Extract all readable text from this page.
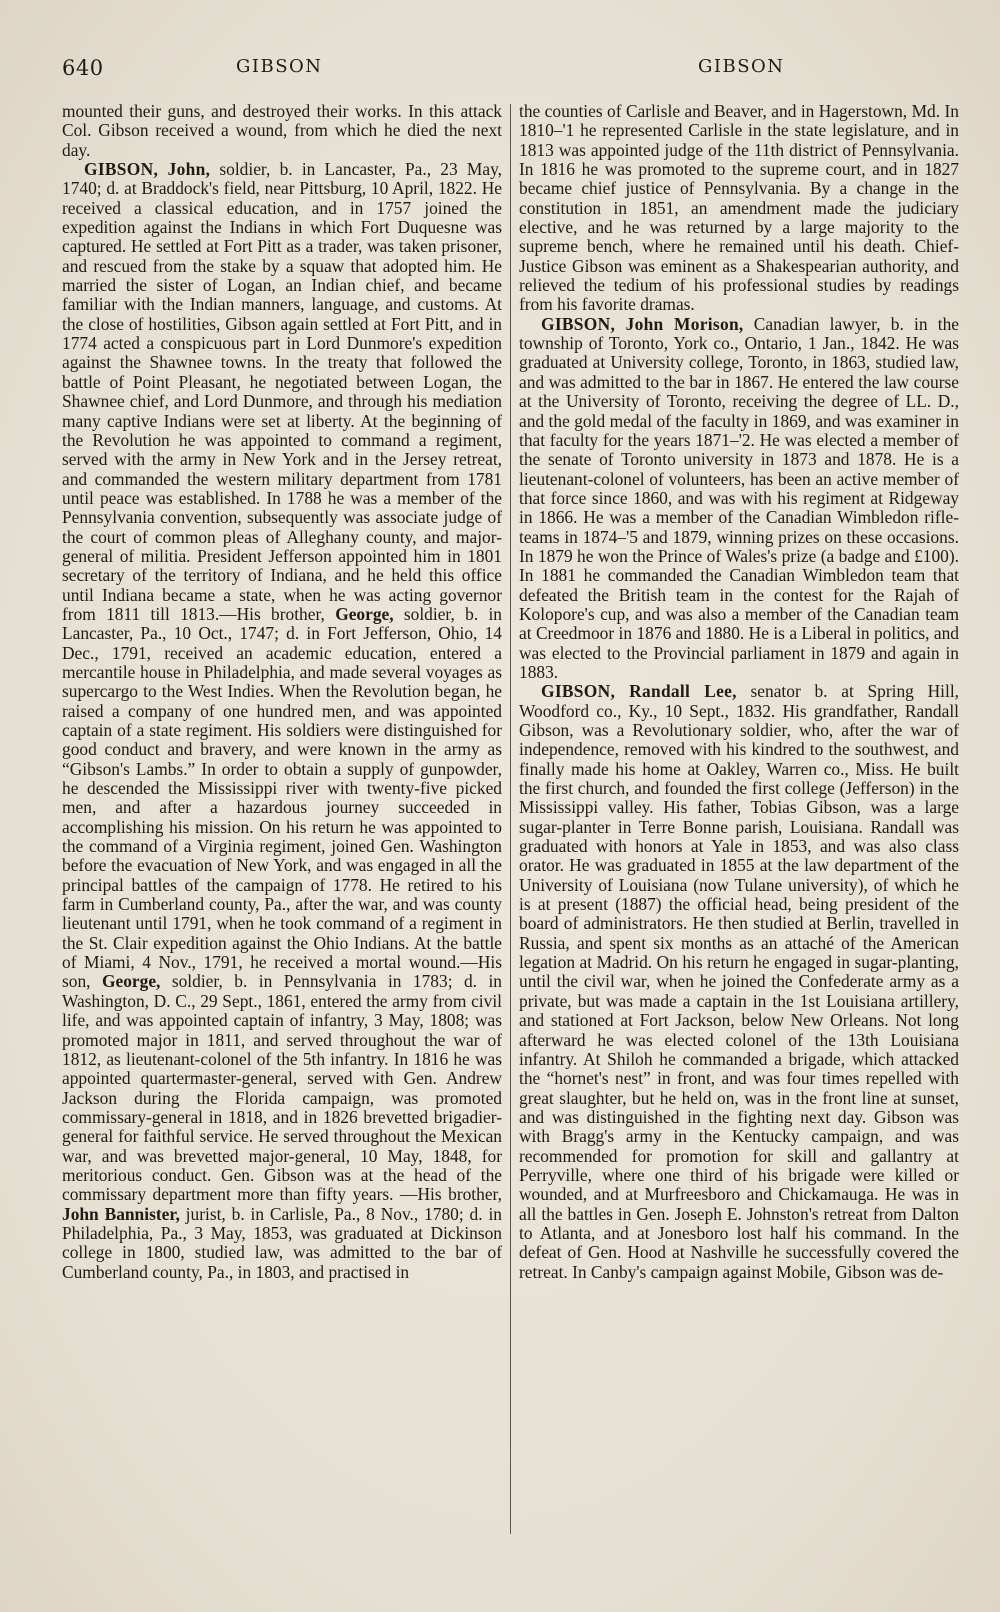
640	GIBSON	GIBSON

mounted their guns, and destroyed their works. In this attack Col. Gibson received a wound, from which he died the next day.

GIBSON, John, soldier, b. in Lancaster, Pa., 23 May, 1740; d. at Braddock's field, near Pittsburg, 10 April, 1822. He received a classical education, and in 1757 joined the expedition against the Indians in which Fort Duquesne was captured. He settled at Fort Pitt as a trader, was taken prisoner, and rescued from the stake by a squaw that adopted him. He married the sister of Logan, an Indian chief, and became familiar with the Indian manners, language, and customs. At the close of hostilities, Gibson again settled at Fort Pitt, and in 1774 acted a conspicuous part in Lord Dunmore's expedition against the Shawnee towns. In the treaty that followed the battle of Point Pleasant, he negotiated between Logan, the Shawnee chief, and Lord Dunmore, and through his mediation many captive Indians were set at liberty. At the beginning of the Revolution he was appointed to command a regiment, served with the army in New York and in the Jersey retreat, and commanded the western military department from 1781 until peace was established. In 1788 he was a member of the Pennsylvania convention, subsequently was associate judge of the court of common pleas of Alleghany county, and major-general of militia. President Jefferson appointed him in 1801 secretary of the territory of Indiana, and he held this office until Indiana became a state, when he was acting governor from 1811 till 1813.—His brother, George, soldier, b. in Lancaster, Pa., 10 Oct., 1747; d. in Fort Jefferson, Ohio, 14 Dec., 1791, received an academic education, entered a mercantile house in Philadelphia, and made several voyages as supercargo to the West Indies. When the Revolution began, he raised a company of one hundred men, and was appointed captain of a state regiment. His soldiers were distinguished for good conduct and bravery, and were known in the army as “Gibson's Lambs.” In order to obtain a supply of gunpowder, he descended the Mississippi river with twenty-five picked men, and after a hazardous journey succeeded in accomplishing his mission. On his return he was appointed to the command of a Virginia regiment, joined Gen. Washington before the evacuation of New York, and was engaged in all the principal battles of the campaign of 1778. He retired to his farm in Cumberland county, Pa., after the war, and was county lieutenant until 1791, when he took command of a regiment in the St. Clair expedition against the Ohio Indians. At the battle of Miami, 4 Nov., 1791, he received a mortal wound.—His son, George, soldier, b. in Pennsylvania in 1783; d. in Washington, D. C., 29 Sept., 1861, entered the army from civil life, and was appointed captain of infantry, 3 May, 1808; was promoted major in 1811, and served throughout the war of 1812, as lieutenant-colonel of the 5th infantry. In 1816 he was appointed quartermaster-general, served with Gen. Andrew Jackson during the Florida campaign, was promoted commissary-general in 1818, and in 1826 brevetted brigadier-general for faithful service. He served throughout the Mexican war, and was brevetted major-general, 10 May, 1848, for meritorious conduct. Gen. Gibson was at the head of the commissary department more than fifty years. —His brother, John Bannister, jurist, b. in Carlisle, Pa., 8 Nov., 1780; d. in Philadelphia, Pa., 3 May, 1853, was graduated at Dickinson college in 1800, studied law, was admitted to the bar of Cumberland county, Pa., in 1803, and practised in

the counties of Carlisle and Beaver, and in Hagerstown, Md. In 1810–'1 he represented Carlisle in the state legislature, and in 1813 was appointed judge of the 11th district of Pennsylvania. In 1816 he was promoted to the supreme court, and in 1827 became chief justice of Pennsylvania. By a change in the constitution in 1851, an amendment made the judiciary elective, and he was returned by a large majority to the supreme bench, where he remained until his death. Chief-Justice Gibson was eminent as a Shakespearian authority, and relieved the tedium of his professional studies by readings from his favorite dramas.

GIBSON, John Morison, Canadian lawyer, b. in the township of Toronto, York co., Ontario, 1 Jan., 1842. He was graduated at University college, Toronto, in 1863, studied law, and was admitted to the bar in 1867. He entered the law course at the University of Toronto, receiving the degree of LL. D., and the gold medal of the faculty in 1869, and was examiner in that faculty for the years 1871–'2. He was elected a member of the senate of Toronto university in 1873 and 1878. He is a lieutenant-colonel of volunteers, has been an active member of that force since 1860, and was with his regiment at Ridgeway in 1866. He was a member of the Canadian Wimbledon rifle-teams in 1874–'5 and 1879, winning prizes on these occasions. In 1879 he won the Prince of Wales's prize (a badge and £100). In 1881 he commanded the Canadian Wimbledon team that defeated the British team in the contest for the Rajah of Kolopore's cup, and was also a member of the Canadian team at Creedmoor in 1876 and 1880. He is a Liberal in politics, and was elected to the Provincial parliament in 1879 and again in 1883.

GIBSON, Randall Lee, senator b. at Spring Hill, Woodford co., Ky., 10 Sept., 1832. His grandfather, Randall Gibson, was a Revolutionary soldier, who, after the war of independence, removed with his kindred to the southwest, and finally made his home at Oakley, Warren co., Miss. He built the first church, and founded the first college (Jefferson) in the Mississippi valley. His father, Tobias Gibson, was a large sugar-planter in Terre Bonne parish, Louisiana. Randall was graduated with honors at Yale in 1853, and was also class orator. He was graduated in 1855 at the law department of the University of Louisiana (now Tulane university), of which he is at present (1887) the official head, being president of the board of administrators. He then studied at Berlin, travelled in Russia, and spent six months as an attaché of the American legation at Madrid. On his return he engaged in sugar-planting, until the civil war, when he joined the Confederate army as a private, but was made a captain in the 1st Louisiana artillery, and stationed at Fort Jackson, below New Orleans. Not long afterward he was elected colonel of the 13th Louisiana infantry. At Shiloh he commanded a brigade, which attacked the “hornet's nest” in front, and was four times repelled with great slaughter, but he held on, was in the front line at sunset, and was distinguished in the fighting next day. Gibson was with Bragg's army in the Kentucky campaign, and was recommended for promotion for skill and gallantry at Perryville, where one third of his brigade were killed or wounded, and at Murfreesboro and Chickamauga. He was in all the battles in Gen. Joseph E. Johnston's retreat from Dalton to Atlanta, and at Jonesboro lost half his command. In the defeat of Gen. Hood at Nashville he successfully covered the retreat. In Canby's campaign against Mobile, Gibson was de-
